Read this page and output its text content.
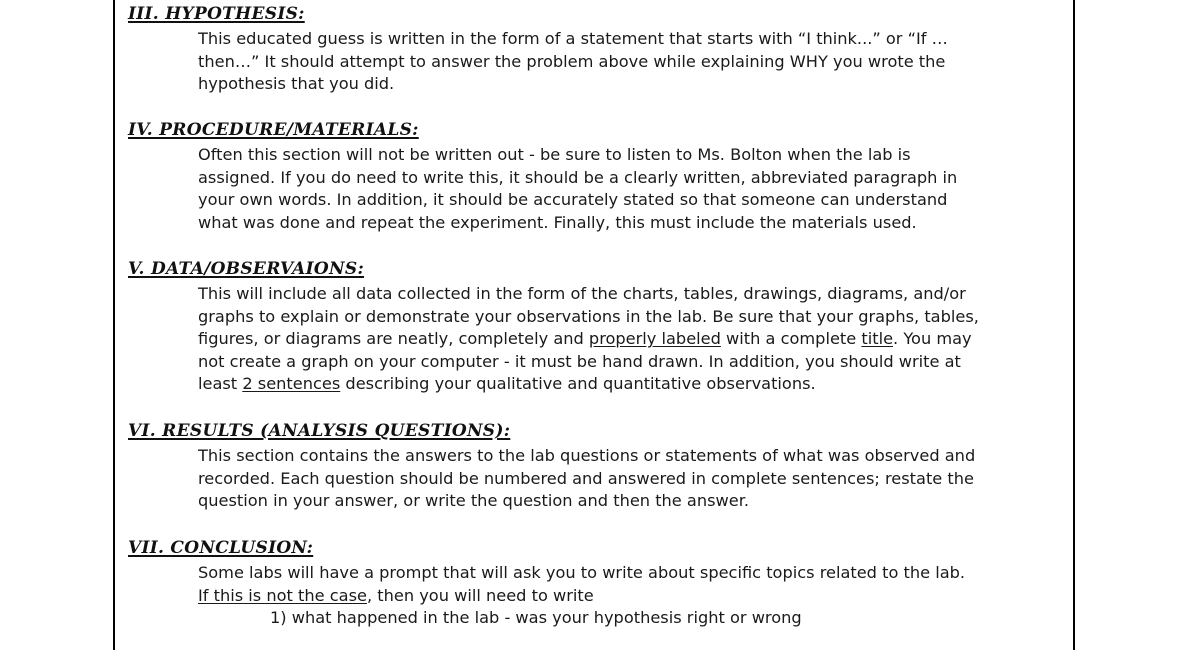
III. HYPOTHESIS:
This educated guess is written in the form of a statement that starts with “I think...” or “If …
then…” It should attempt to answer the problem above while explaining WHY you wrote the
hypothesis that you did.
IV. PROCEDURE/MATERIALS:
Often this section will not be written out - be sure to listen to Ms. Bolton when the lab is
assigned. If you do need to write this, it should be a clearly written, abbreviated paragraph in
your own words. In addition, it should be accurately stated so that someone can understand
what was done and repeat the experiment. Finally, this must include the materials used.
V. DATA/OBSERVAIONS:
This will include all data collected in the form of the charts, tables, drawings, diagrams, and/or
graphs to explain or demonstrate your observations in the lab. Be sure that your graphs, tables,
figures, or diagrams are neatly, completely and properly labeled with a complete title. You may
not create a graph on your computer - it must be hand drawn. In addition, you should write at
least 2 sentences describing your qualitative and quantitative observations.
VI. RESULTS (ANALYSIS QUESTIONS):
This section contains the answers to the lab questions or statements of what was observed and
recorded. Each question should be numbered and answered in complete sentences; restate the
question in your answer, or write the question and then the answer.
VII. CONCLUSION:
Some labs will have a prompt that will ask you to write about specific topics related to the lab.
If this is not the case, then you will need to write
1) what happened in the lab - was your hypothesis right or wrong
